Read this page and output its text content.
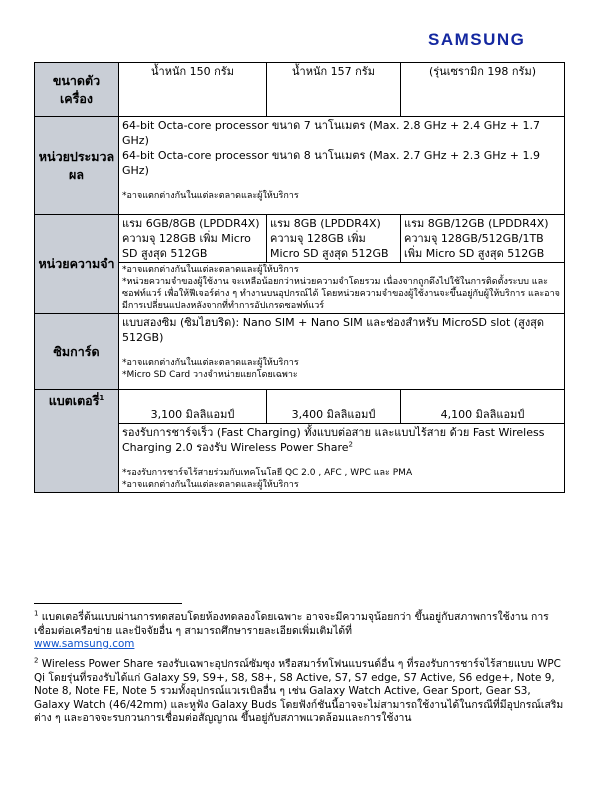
SAMSUNG
ขนาดตัวเครื่อง	น้ำหนัก 150 กรัม	น้ำหนัก 157 กรัม	(รุ่นเซรามิก 198 กรัม)
หน่วยประมวลผล	64-bit Octa-core processor ขนาด 7 นาโนเมตร (Max. 2.8 GHz + 2.4 GHz + 1.7 GHz)
64-bit Octa-core processor ขนาด 8 นาโนเมตร (Max. 2.7 GHz + 2.3 GHz + 1.9 GHz)
*อาจแตกต่างกันในแต่ละตลาดและผู้ให้บริการ		

หน่วยความจำ	แรม 6GB/8GB (LPDDR4X) ความจุ 128GB เพิ่ม Micro SD สูงสุด 512GB	แรม 8GB (LPDDR4X) ความจุ 128GB เพิ่ม Micro SD สูงสุด 512GB	แรม 8GB/12GB (LPDDR4X) ความจุ 128GB/512GB/1TB เพิ่ม Micro SD สูงสุด 512GB

	*อาจแตกต่างกันในแต่ละตลาดและผู้ให้บริการ
*หน่วยความจำของผู้ใช้งาน จะเหลือน้อยกว่าหน่วยความจำโดยรวม เนื่องจากถูกดึงไปใช้ในการติดตั้งระบบ และซอฟท์แวร์ เพื่อให้ฟีเจอร์ต่าง ๆ ทำงานบนอุปกรณ์ได้ โดยหน่วยความจำของผู้ใช้งานจะขึ้นอยู่กับผู้ให้บริการ และอาจมีการเปลี่ยนแปลงหลังจากที่ทำการอัปเกรดซอฟท์แวร์		

ซิมการ์ด	แบบสองซิม (ซิมไฮบริด): Nano SIM + Nano SIM และช่องสำหรับ MicroSD slot (สูงสุด 512GB)
*อาจแตกต่างกันในแต่ละตลาดและผู้ให้บริการ
*Micro SD Card วางจำหน่ายแยกโดยเฉพาะ		

แบตเตอรี่$^1$	3,100 มิลลิแอมป์	3,400 มิลลิแอมป์	4,100 มิลลิแอมป์

	รองรับการชาร์จเร็ว (Fast Charging) ทั้งแบบต่อสาย และแบบไร้สาย ด้วย Fast Wireless Charging 2.0 รองรับ Wireless Power Share$^2$
*รองรับการชาร์จไร้สายร่วมกับเทคโนโลยี QC 2.0 , AFC , WPC และ PMA
*อาจแตกต่างกันในแต่ละตลาดและผู้ให้บริการ		
$^1$ แบตเตอรี่ต้นแบบผ่านการทดสอบโดยห้องทดลองโดยเฉพาะ อาจจะมีความจุน้อยกว่า ขึ้นอยู่กับสภาพการใช้งาน การเชื่อมต่อเครือข่าย และปัจจัยอื่น ๆ สามารถศึกษารายละเอียดเพิ่มเติมได้ที่
www.samsung.com
$^2$ Wireless Power Share รองรับเฉพาะอุปกรณ์ซัมซุง หรือสมาร์ทโฟนแบรนด์อื่น ๆ ที่รองรับการชาร์จไร้สายแบบ WPC Qi โดยรุ่นที่รองรับได้แก่ Galaxy S9, S9+, S8, S8+, S8 Active, S7, S7 edge, S7 Active, S6 edge+, Note 9, Note 8, Note FE, Note 5 รวมทั้งอุปกรณ์แวเรเบิลอื่น ๆ เช่น Galaxy Watch Active, Gear Sport, Gear S3, Galaxy Watch (46/42mm) และหูฟัง Galaxy Buds โดยฟังก์ชันนี้อาจจะไม่สามารถใช้งานได้ในกรณีที่มีอุปกรณ์เสริมต่าง ๆ และอาจจะรบกวนการเชื่อมต่อสัญญาณ ขึ้นอยู่กับสภาพแวดล้อมและการใช้งาน
